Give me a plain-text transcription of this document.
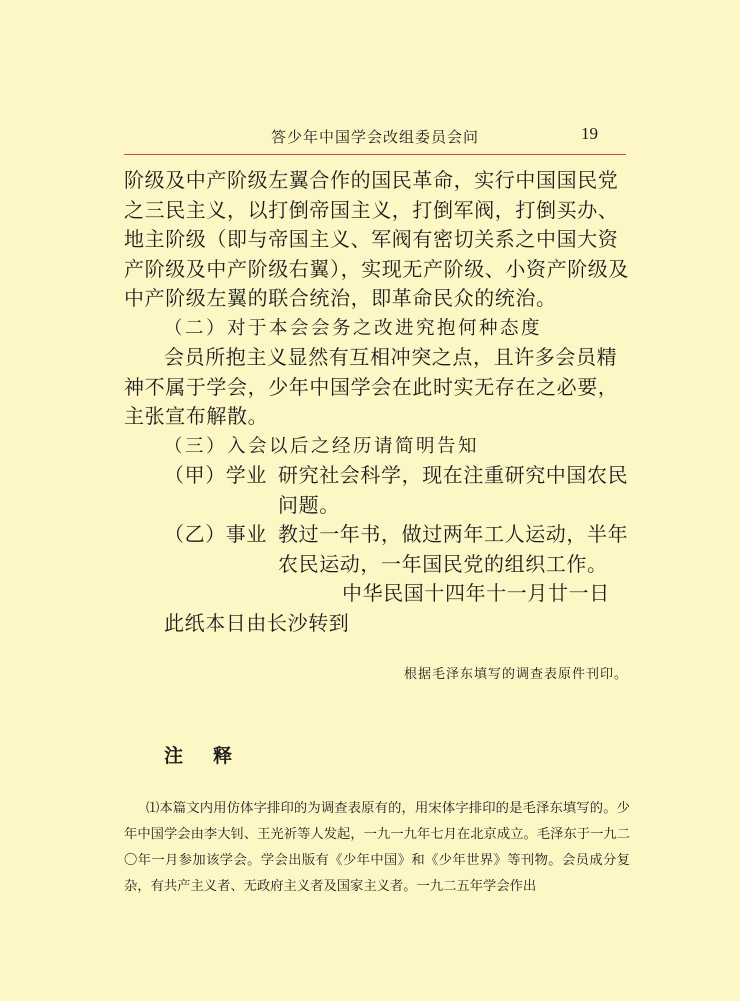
答少年中国学会改组委员会问	19

阶级及中产阶级左翼合作的国民革命，实行中国国民党之三民主义，以打倒帝国主义，打倒军阀，打倒买办、地主阶级（即与帝国主义、军阀有密切关系之中国大资产阶级及中产阶级右翼），实现无产阶级、小资产阶级及中产阶级左翼的联合统治，即革命民众的统治。

（二）对于本会会务之改进究抱何种态度

会员所抱主义显然有互相冲突之点，且许多会员精神不属于学会，少年中国学会在此时实无存在之必要，主张宣布解散。

（三）入会以后之经历请简明告知

（甲）学业 研究社会科学，现在注重研究中国农民问题。
（乙）事业 教过一年书，做过两年工人运动，半年农民运动，一年国民党的组织工作。

中华民国十四年十一月廿一日

此纸本日由长沙转到

根据毛泽东填写的调查表原件刊印。
注释

⑴本篇文内用仿体字排印的为调查表原有的，用宋体字排印的是毛泽东填写的。少年中国学会由李大钊、王光祈等人发起，一九一九年七月在北京成立。毛泽东于一九二〇年一月参加该学会。学会出版有《少年中国》和《少年世界》等刊物。会员成分复杂，有共产主义者、无政府主义者及国家主义者。一九二五年学会作出
